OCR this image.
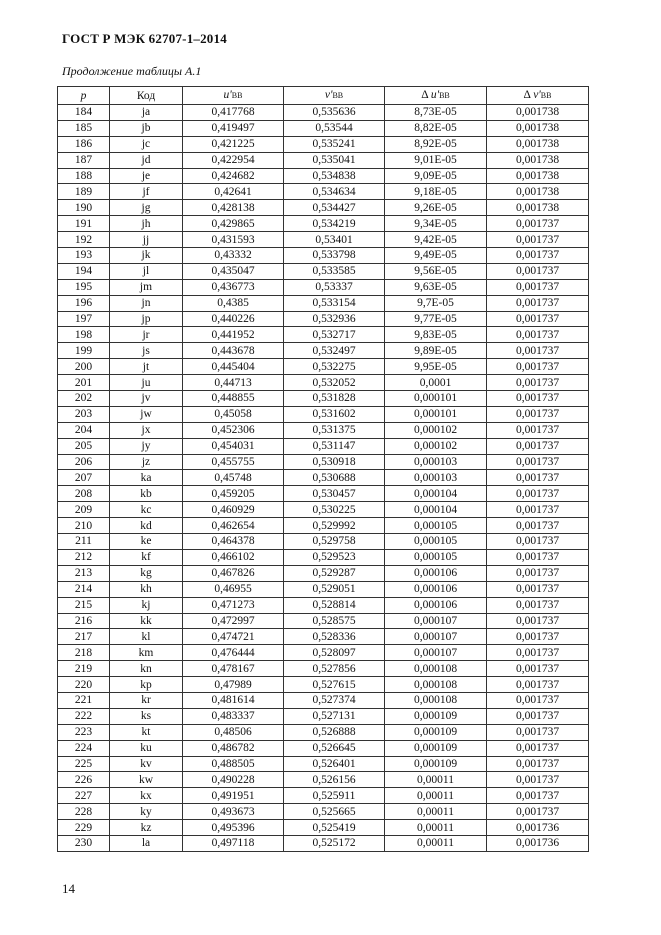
ГОСТ Р МЭК 62707-1–2014
Продолжение таблицы А.1
p	Код	u'BB	v'BB	Δ u'BB	Δ v'BB
184	ja	0,417768	0,535636	8,73E-05	0,001738
185	jb	0,419497	0,53544	8,82E-05	0,001738
186	jc	0,421225	0,535241	8,92E-05	0,001738
187	jd	0,422954	0,535041	9,01E-05	0,001738
188	je	0,424682	0,534838	9,09E-05	0,001738
189	jf	0,42641	0,534634	9,18E-05	0,001738
190	jg	0,428138	0,534427	9,26E-05	0,001738
191	jh	0,429865	0,534219	9,34E-05	0,001737
192	jj	0,431593	0,53401	9,42E-05	0,001737
193	jk	0,43332	0,533798	9,49E-05	0,001737
194	jl	0,435047	0,533585	9,56E-05	0,001737
195	jm	0,436773	0,53337	9,63E-05	0,001737
196	jn	0,4385	0,533154	9,7E-05	0,001737
197	jp	0,440226	0,532936	9,77E-05	0,001737
198	jr	0,441952	0,532717	9,83E-05	0,001737
199	js	0,443678	0,532497	9,89E-05	0,001737
200	jt	0,445404	0,532275	9,95E-05	0,001737
201	ju	0,44713	0,532052	0,0001	0,001737
202	jv	0,448855	0,531828	0,000101	0,001737
203	jw	0,45058	0,531602	0,000101	0,001737
204	jx	0,452306	0,531375	0,000102	0,001737
205	jy	0,454031	0,531147	0,000102	0,001737
206	jz	0,455755	0,530918	0,000103	0,001737
207	ka	0,45748	0,530688	0,000103	0,001737
208	kb	0,459205	0,530457	0,000104	0,001737
209	kc	0,460929	0,530225	0,000104	0,001737
210	kd	0,462654	0,529992	0,000105	0,001737
211	ke	0,464378	0,529758	0,000105	0,001737
212	kf	0,466102	0,529523	0,000105	0,001737
213	kg	0,467826	0,529287	0,000106	0,001737
214	kh	0,46955	0,529051	0,000106	0,001737
215	kj	0,471273	0,528814	0,000106	0,001737
216	kk	0,472997	0,528575	0,000107	0,001737
217	kl	0,474721	0,528336	0,000107	0,001737
218	km	0,476444	0,528097	0,000107	0,001737
219	kn	0,478167	0,527856	0,000108	0,001737
220	kp	0,47989	0,527615	0,000108	0,001737
221	kr	0,481614	0,527374	0,000108	0,001737
222	ks	0,483337	0,527131	0,000109	0,001737
223	kt	0,48506	0,526888	0,000109	0,001737
224	ku	0,486782	0,526645	0,000109	0,001737
225	kv	0,488505	0,526401	0,000109	0,001737
226	kw	0,490228	0,526156	0,00011	0,001737
227	kx	0,491951	0,525911	0,00011	0,001737
228	ky	0,493673	0,525665	0,00011	0,001737
229	kz	0,495396	0,525419	0,00011	0,001736
230	la	0,497118	0,525172	0,00011	0,001736
14
